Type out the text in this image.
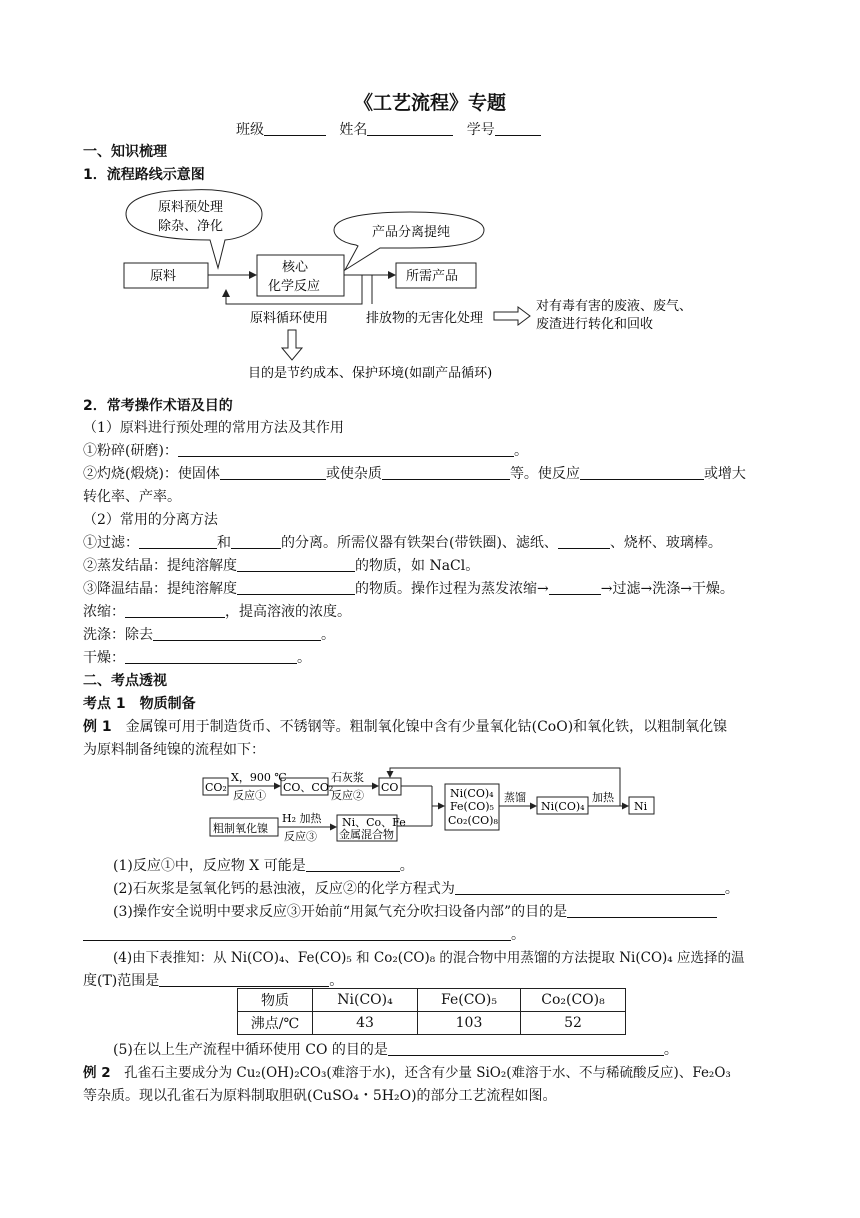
《工艺流程》专题
班级	姓名	学号
一、知识梳理
1．流程路线示意图
原料预处理
除杂、净化	产品分离提纯
原料
核心
化学反应
所需产品
原料循环使用	排放物的无害化处理
对有毒有害的废液、废气、
废渣进行转化和回收
目的是节约成本、保护环境(如副产品循环)
2．常考操作术语及目的
（1）原料进行预处理的常用方法及其作用
①粉碎(研磨)：	。
②灼烧(煅烧)：使固体	或使杂质	等。使反应	或增大
转化率、产率。
（2）常用的分离方法
①过滤：	和	的分离。所需仪器有铁架台(带铁圈)、滤纸、	、烧杯、玻璃棒。
②蒸发结晶：提纯溶解度	的物质，如 NaCl。
③降温结晶：提纯溶解度	的物质。操作过程为蒸发浓缩→	→过滤→洗涤→干燥。
浓缩：	，提高溶液的浓度。
洗涤：除去	。
干燥：	。
二、考点透视
考点 1　物质制备
例 1　金属镍可用于制造货币、不锈钢等。粗制氧化镍中含有少量氧化钴(CoO)和氧化铁，以粗制氧化镍
为原料制备纯镍的流程如下：
CO₂
X，900 ℃
反应①
CO、CO₂
石灰浆
反应②
CO
粗制氧化镍
H₂ 加热
反应③
Ni、Co、Fe
金属混合物
Ni(CO)₄
Fe(CO)₅
Co₂(CO)₈
蒸馏
Ni(CO)₄
加热
Ni
(1)反应①中，反应物 X 可能是	。
(2)石灰浆是氢氧化钙的悬浊液，反应②的化学方程式为	。
(3)操作安全说明中要求反应③开始前“用氮气充分吹扫设备内部”的目的是
。
(4)由下表推知：从 Ni(CO)₄、Fe(CO)₅ 和 Co₂(CO)₈ 的混合物中用蒸馏的方法提取 Ni(CO)₄ 应选择的温
度(T)范围是	。
物质	Ni(CO)₄	Fe(CO)₅	Co₂(CO)₈
沸点/℃	43	103	52
(5)在以上生产流程中循环使用 CO 的目的是	。
例 2　孔雀石主要成分为 Cu₂(OH)₂CO₃(难溶于水)，还含有少量 SiO₂(难溶于水、不与稀硫酸反应)、Fe₂O₃
等杂质。现以孔雀石为原料制取胆矾(CuSO₄・5H₂O)的部分工艺流程如图。
